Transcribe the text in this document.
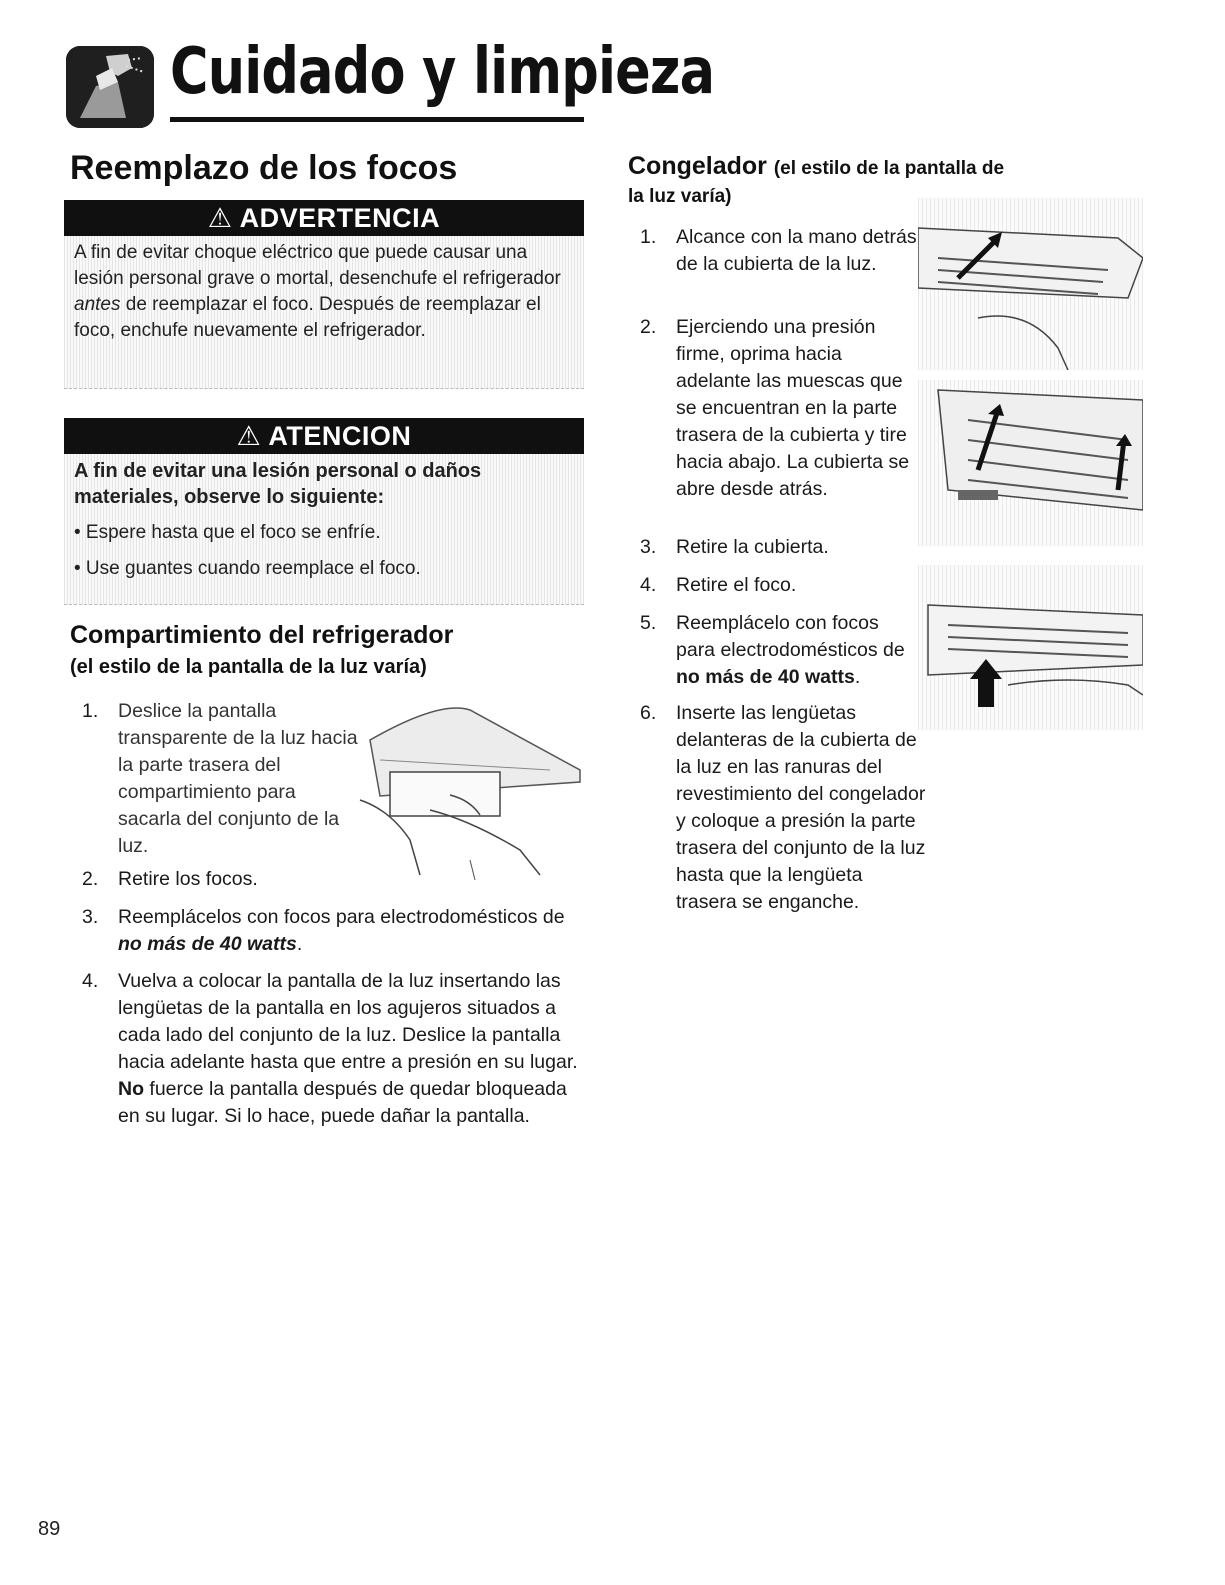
Cuidado y limpieza
Reemplazo de los focos
⚠ ADVERTENCIA
A fin de evitar choque eléctrico que puede causar una lesión personal grave o mortal, desenchufe el refrigerador antes de reemplazar el foco. Después de reemplazar el foco, enchufe nuevamente el refrigerador.
⚠ ATENCION
A fin de evitar una lesión personal o daños materiales, observe lo siguiente:
• Espere hasta que el foco se enfríe.
• Use guantes cuando reemplace el foco.
Compartimiento del refrigerador
(el estilo de la pantalla de la luz varía)
1. Deslice la pantalla transparente de la luz hacia la parte trasera del compartimiento para sacarla del conjunto de la luz.
2. Retire los focos.
3. Reemplácelos con focos para electrodomésticos de no más de 40 watts.
4. Vuelva a colocar la pantalla de la luz insertando las lengüetas de la pantalla en los agujeros situados a cada lado del conjunto de la luz. Deslice la pantalla hacia adelante hasta que entre a presión en su lugar. No fuerce la pantalla después de quedar bloqueada en su lugar. Si lo hace, puede dañar la pantalla.
Congelador (el estilo de la pantalla de
la luz varía)
1. Alcance con la mano detrás de la cubierta de la luz.
2. Ejerciendo una presión firme, oprima hacia adelante las muescas que se encuentran en la parte trasera de la cubierta y tire hacia abajo. La cubierta se abre desde atrás.
3. Retire la cubierta.
4. Retire el foco.
5. Reemplácelo con focos para electrodomésticos de no más de 40 watts.
6. Inserte las lengüetas delanteras de la cubierta de la luz en las ranuras del revestimiento del congelador y coloque a presión la parte trasera del conjunto de la luz hasta que la lengüeta trasera se enganche.
89
